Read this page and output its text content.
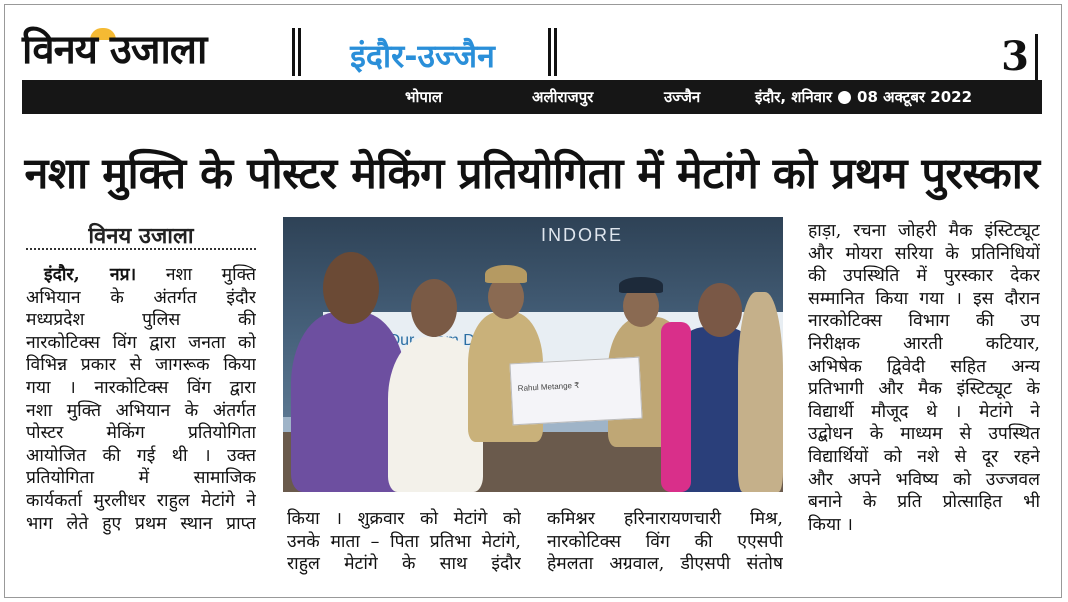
विनय उजाला	इंदौर-उज्जैन	3
भोपाल	अलीराजपुर	उज्जैन	इंदौर, शनिवार 08 अक्टूबर 2022
नशा मुक्ति के पोस्टर मेकिंग प्रतियोगिता में मेटांगे को प्रथम पुरस्कार
विनय उजाला
इंदौर, नप्र। नशा मुक्ति
अभियान के अंतर्गत इंदौर
मध्यप्रदेश पुलिस की
नारकोटिक्स विंग द्वारा जनता को
विभिन्न प्रकार से जागरूक किया
गया । नारकोटिक्स विंग द्वारा
नशा मुक्ति अभियान के अंतर्गत
पोस्टर मेकिंग प्रतियोगिता
आयोजित की गई थी । उक्त
प्रतियोगिता में सामाजिक
कार्यकर्ता मुरलीधर राहुल मेटांगे ने
भाग लेते हुए प्रथम स्थान प्राप्त
INDORE
Dur...
Rahul Metange ₹
किया । शुक्रवार को मेटांगे को
उनके माता – पिता प्रतिभा मेटांगे,
राहुल मेटांगे के साथ इंदौर
कमिश्नर हरिनारायणचारी मिश्र,
नारकोटिक्स विंग की एएसपी
हेमलता अग्रवाल, डीएसपी संतोष
हाड़ा, रचना जोहरी मैक इंस्टिट्यूट
और मोयरा सरिया के प्रतिनिधियों
की उपस्थिति में पुरस्कार देकर
सम्मानित किया गया । इस दौरान
नारकोटिक्स विभाग की उप
निरीक्षक आरती कटियार,
अभिषेक द्विवेदी सहित अन्य
प्रतिभागी और मैक इंस्टिट्यूट के
विद्यार्थी मौजूद थे । मेटांगे ने
उद्बोधन के माध्यम से उपस्थित
विद्यार्थियों को नशे से दूर रहने
और अपने भविष्य को उज्जवल
बनाने के प्रति प्रोत्साहित भी
किया ।
